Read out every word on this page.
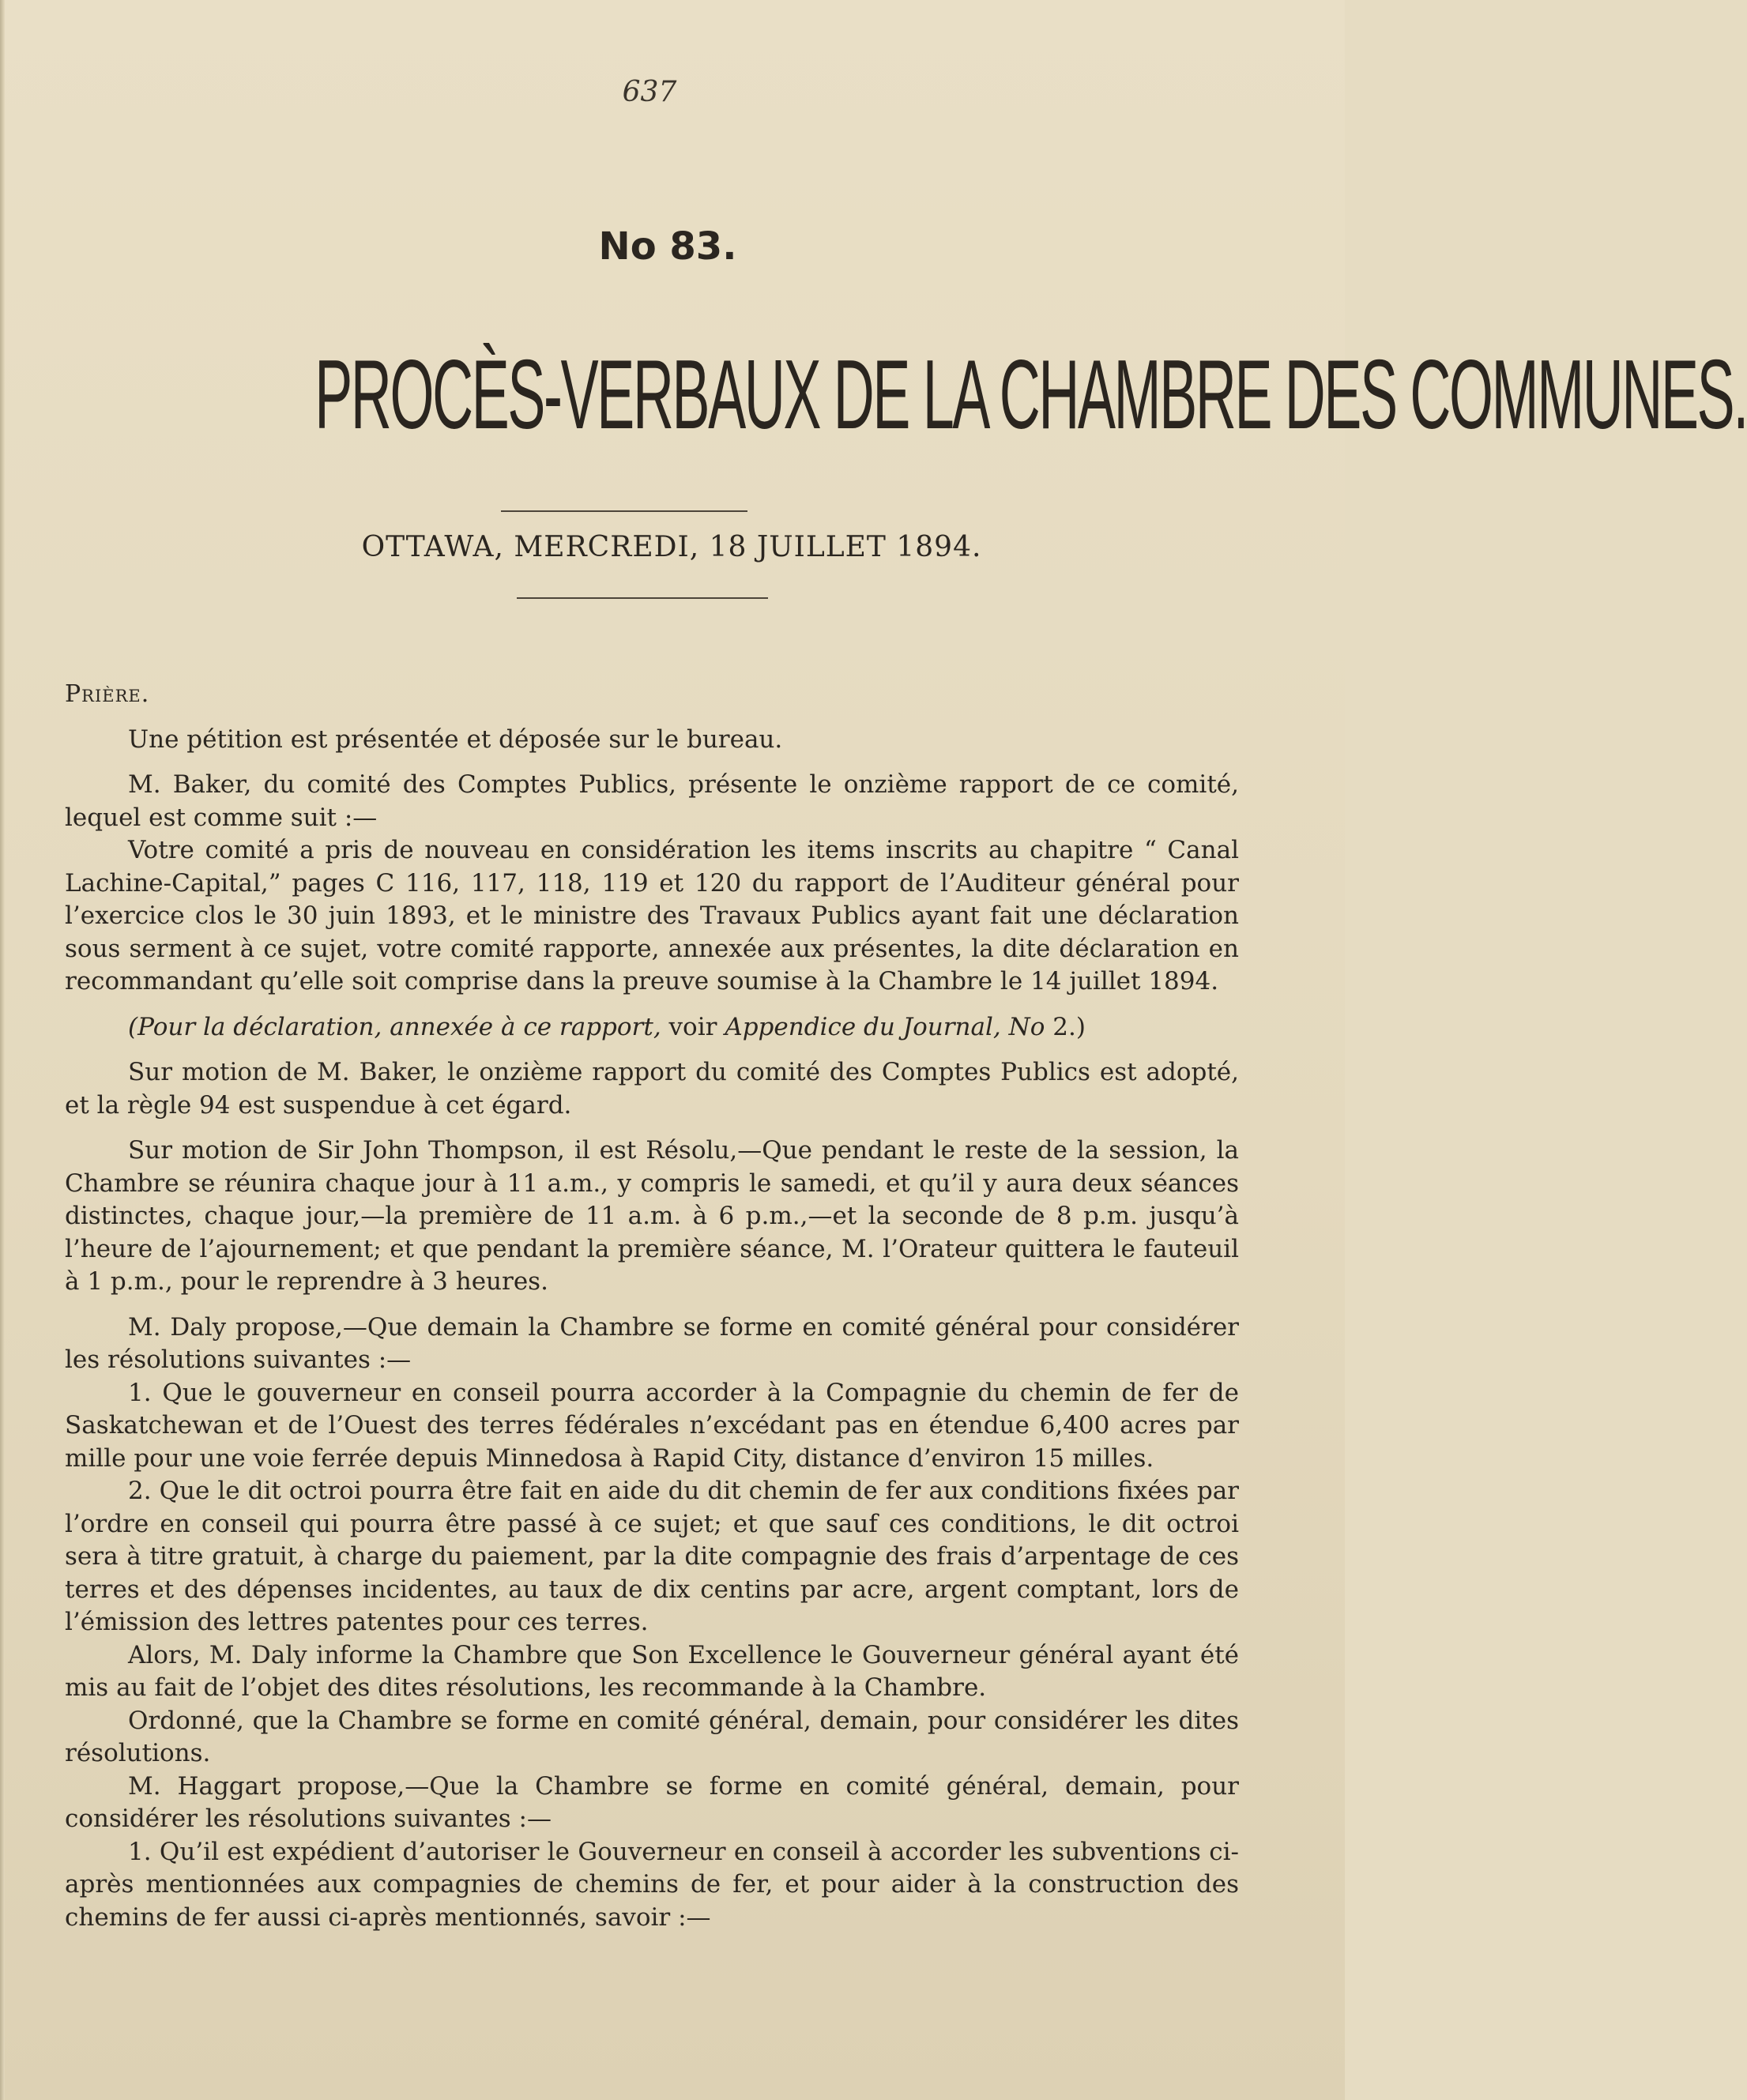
637
No 83.
PROCÈS-VERBAUX DE LA CHAMBRE DES COMMUNES.
OTTAWA, MERCREDI, 18 JUILLET 1894.
Prière.

Une pétition est présentée et déposée sur le bureau.

M. Baker, du comité des Comptes Publics, présente le onzième rapport de ce comité, lequel est comme suit :—

Votre comité a pris de nouveau en considération les items inscrits au chapitre “ Canal Lachine-Capital,” pages C 116, 117, 118, 119 et 120 du rapport de l’Auditeur général pour l’exercice clos le 30 juin 1893, et le ministre des Travaux Publics ayant fait une déclaration sous serment à ce sujet, votre comité rapporte, annexée aux présentes, la dite déclaration en recommandant qu’elle soit comprise dans la preuve soumise à la Chambre le 14 juillet 1894.

(Pour la déclaration, annexée à ce rapport, voir Appendice du Journal, No 2.)

Sur motion de M. Baker, le onzième rapport du comité des Comptes Publics est adopté, et la règle 94 est suspendue à cet égard.

Sur motion de Sir John Thompson, il est Résolu,—Que pendant le reste de la session, la Chambre se réunira chaque jour à 11 a.m., y compris le samedi, et qu’il y aura deux séances distinctes, chaque jour,—la première de 11 a.m. à 6 p.m.,—et la seconde de 8 p.m. jusqu’à l’heure de l’ajournement; et que pendant la première séance, M. l’Orateur quittera le fauteuil à 1 p.m., pour le reprendre à 3 heures.

M. Daly propose,—Que demain la Chambre se forme en comité général pour considérer les résolutions suivantes :—

1. Que le gouverneur en conseil pourra accorder à la Compagnie du chemin de fer de Saskatchewan et de l’Ouest des terres fédérales n’excédant pas en étendue 6,400 acres par mille pour une voie ferrée depuis Minnedosa à Rapid City, distance d’environ 15 milles.

2. Que le dit octroi pourra être fait en aide du dit chemin de fer aux conditions fixées par l’ordre en conseil qui pourra être passé à ce sujet; et que sauf ces conditions, le dit octroi sera à titre gratuit, à charge du paiement, par la dite compagnie des frais d’arpentage de ces terres et des dépenses incidentes, au taux de dix centins par acre, argent comptant, lors de l’émission des lettres patentes pour ces terres.

Alors, M. Daly informe la Chambre que Son Excellence le Gouverneur général ayant été mis au fait de l’objet des dites résolutions, les recommande à la Chambre.

Ordonné, que la Chambre se forme en comité général, demain, pour considérer les dites résolutions.

M. Haggart propose,—Que la Chambre se forme en comité général, demain, pour considérer les résolutions suivantes :—

1. Qu’il est expédient d’autoriser le Gouverneur en conseil à accorder les subventions ci-après mentionnées aux compagnies de chemins de fer, et pour aider à la construction des chemins de fer aussi ci-après mentionnés, savoir :—
